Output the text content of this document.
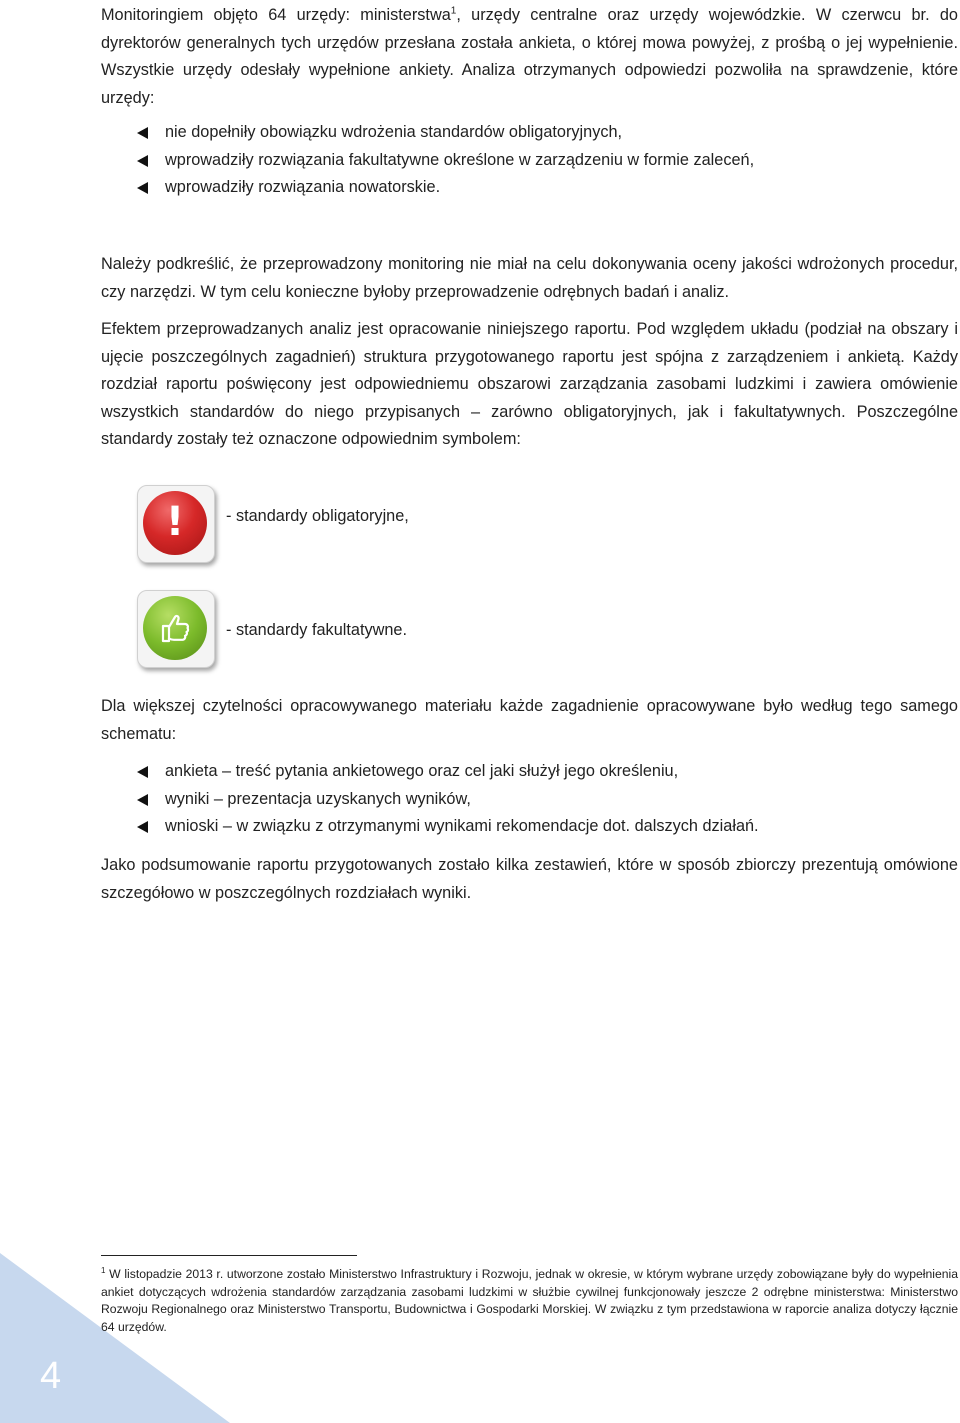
4

Monitoringiem objęto 64 urzędy: ministerstwa$^1$, urzędy centralne oraz urzędy wojewódzkie. W czerwcu br. do dyrektorów generalnych tych urzędów przesłana została ankieta, o której mowa powyżej, z prośbą o jej wypełnienie. Wszystkie urzędy odesłały wypełnione ankiety. Analiza otrzymanych odpowiedzi pozwoliła na sprawdzenie, które urzędy:

nie dopełniły obowiązku wdrożenia standardów obligatoryjnych,
wprowadziły rozwiązania fakultatywne określone w zarządzeniu w formie zaleceń,
wprowadziły rozwiązania nowatorskie.

Należy podkreślić, że przeprowadzony monitoring nie miał na celu dokonywania oceny jakości wdrożonych procedur, czy narzędzi. W tym celu konieczne byłoby przeprowadzenie odrębnych badań i analiz.

Efektem przeprowadzanych analiz jest opracowanie niniejszego raportu. Pod względem układu (podział na obszary i ujęcie poszczególnych zagadnień) struktura przygotowanego raportu jest spójna z zarządzeniem i ankietą. Każdy rozdział raportu poświęcony jest odpowiedniemu obszarowi zarządzania zasobami ludzkimi i zawiera omówienie wszystkich standardów do niego przypisanych – zarówno obligatoryjnych, jak i fakultatywnych. Poszczególne standardy zostały też oznaczone odpowiednim symbolem:

!	- standardy obligatoryjne,
- standardy fakultatywne.

Dla większej czytelności opracowywanego materiału każde zagadnienie opracowywane było według tego samego schematu:

ankieta – treść pytania ankietowego oraz cel jaki służył jego określeniu,
wyniki – prezentacja uzyskanych wyników,
wnioski – w związku z otrzymanymi wynikami rekomendacje dot. dalszych działań.

Jako podsumowanie raportu przygotowanych zostało kilka zestawień, które w sposób zbiorczy prezentują omówione szczegółowo w poszczególnych rozdziałach wyniki.

$^1$ W listopadzie 2013 r. utworzone zostało Ministerstwo Infrastruktury i Rozwoju, jednak w okresie, w którym wybrane urzędy zobowiązane były do wypełnienia ankiet dotyczących wdrożenia standardów zarządzania zasobami ludzkimi w służbie cywilnej funkcjonowały jeszcze 2 odrębne ministerstwa: Ministerstwo Rozwoju Regionalnego oraz Ministerstwo Transportu, Budownictwa i Gospodarki Morskiej. W związku z tym przedstawiona w raporcie analiza dotyczy łącznie 64 urzędów.
